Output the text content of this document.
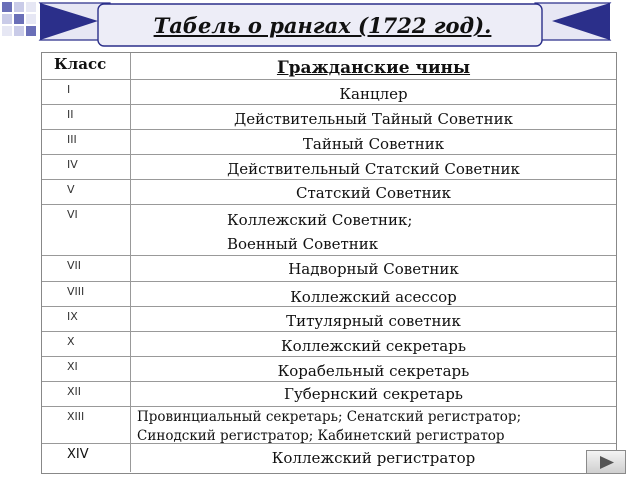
Табель о рангах (1722 год).
Класс	Гражданские чины
I	Канцлер
II	Действительный Тайный Советник
III	Тайный Советник
IV	Действительный Статский Советник
V	Статский Советник
VI	Коллежский Советник;
Военный Советник
VII	Надворный Советник
VIII	Коллежский асессор
IX	Титулярный советник
X	Коллежский секретарь
XI	Корабельный секретарь
XII	Губернский секретарь
XIII	Провинциальный секретарь; Сенатский регистратор;
Синодский регистратор; Кабинетский регистратор
XIV	Коллежский регистратор
